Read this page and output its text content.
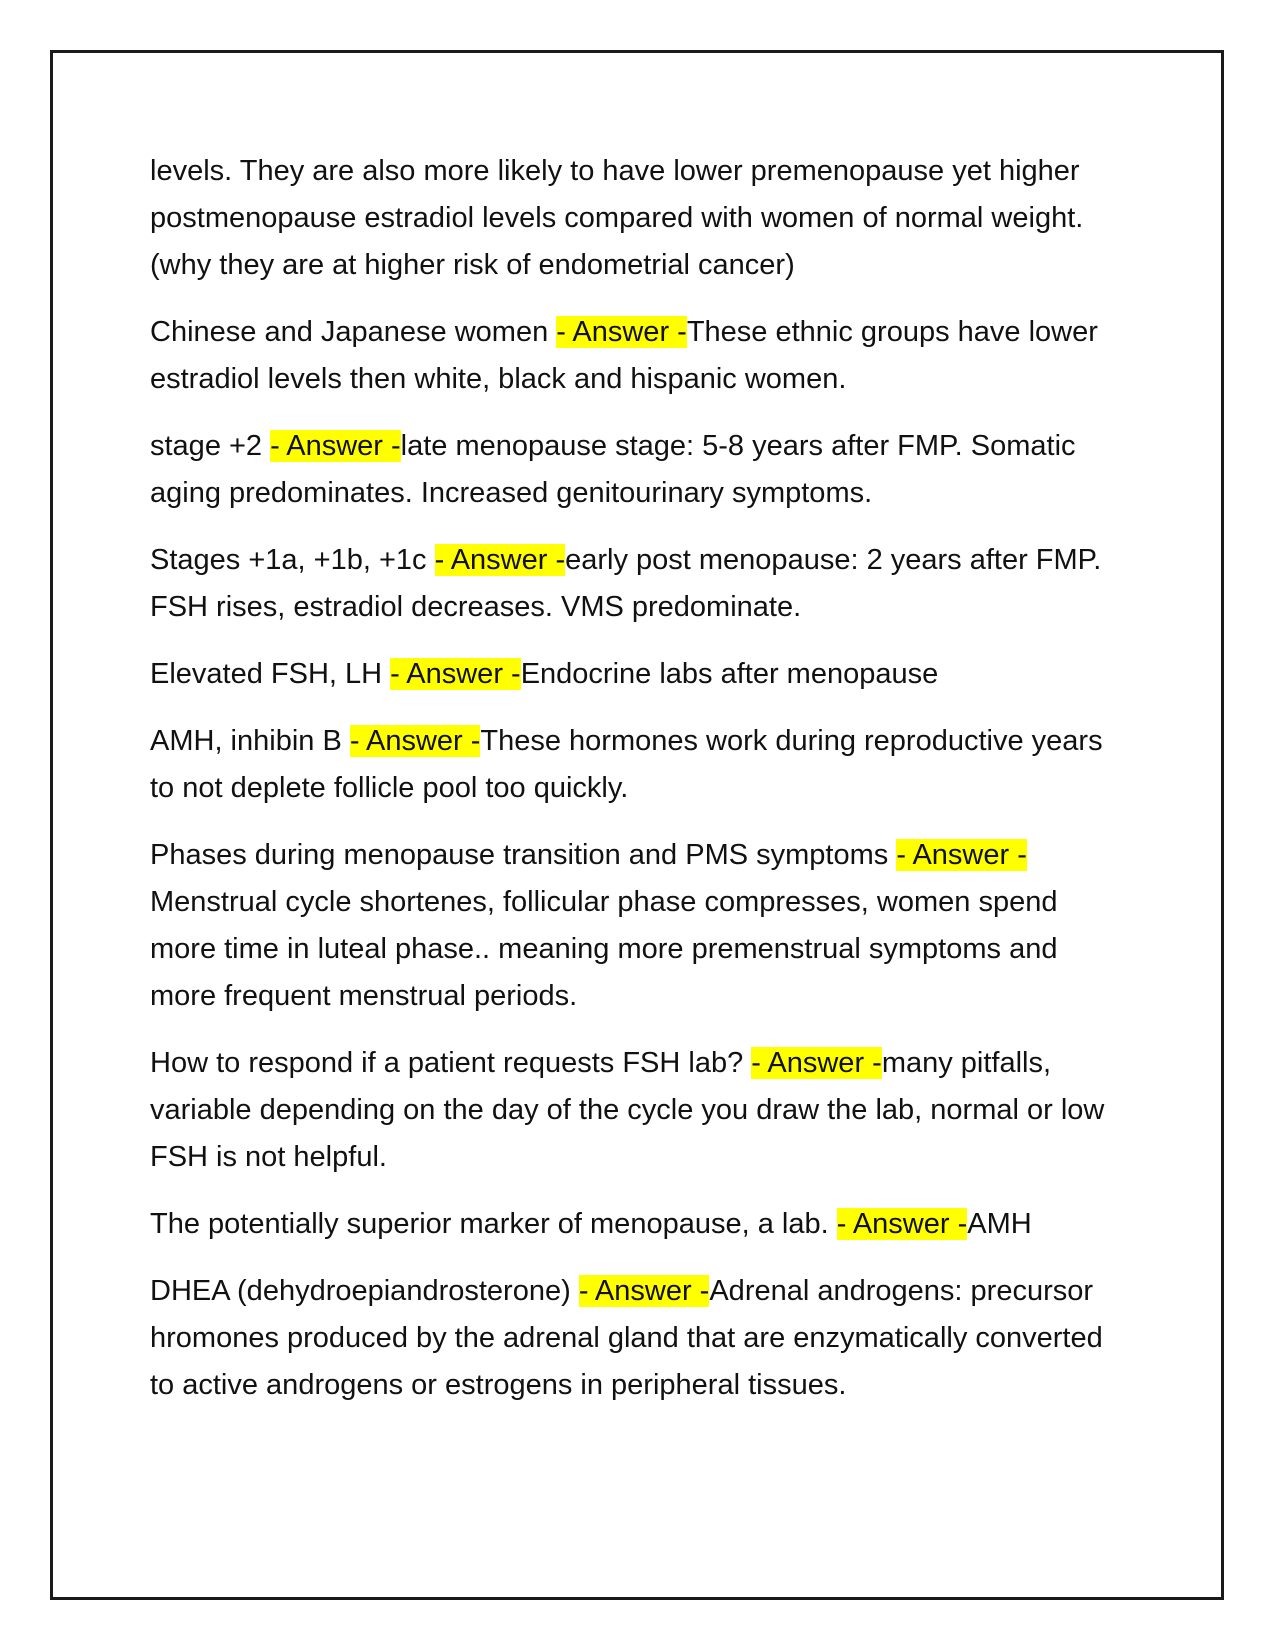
levels. They are also more likely to have lower premenopause yet higher postmenopause estradiol levels compared with women of normal weight. (why they are at higher risk of endometrial cancer)

Chinese and Japanese women - Answer -These ethnic groups have lower estradiol levels then white, black and hispanic women.

stage +2 - Answer -late menopause stage: 5-8 years after FMP. Somatic aging predominates. Increased genitourinary symptoms.

Stages +1a, +1b, +1c - Answer -early post menopause: 2 years after FMP. FSH rises, estradiol decreases. VMS predominate.

Elevated FSH, LH - Answer -Endocrine labs after menopause

AMH, inhibin B - Answer -These hormones work during reproductive years to not deplete follicle pool too quickly.

Phases during menopause transition and PMS symptoms - Answer -Menstrual cycle shortenes, follicular phase compresses, women spend more time in luteal phase.. meaning more premenstrual symptoms and more frequent menstrual periods.

How to respond if a patient requests FSH lab? - Answer -many pitfalls, variable depending on the day of the cycle you draw the lab, normal or low FSH is not helpful.

The potentially superior marker of menopause, a lab. - Answer -AMH

DHEA (dehydroepiandrosterone) - Answer -Adrenal androgens: precursor hromones produced by the adrenal gland that are enzymatically converted to active androgens or estrogens in peripheral tissues.
